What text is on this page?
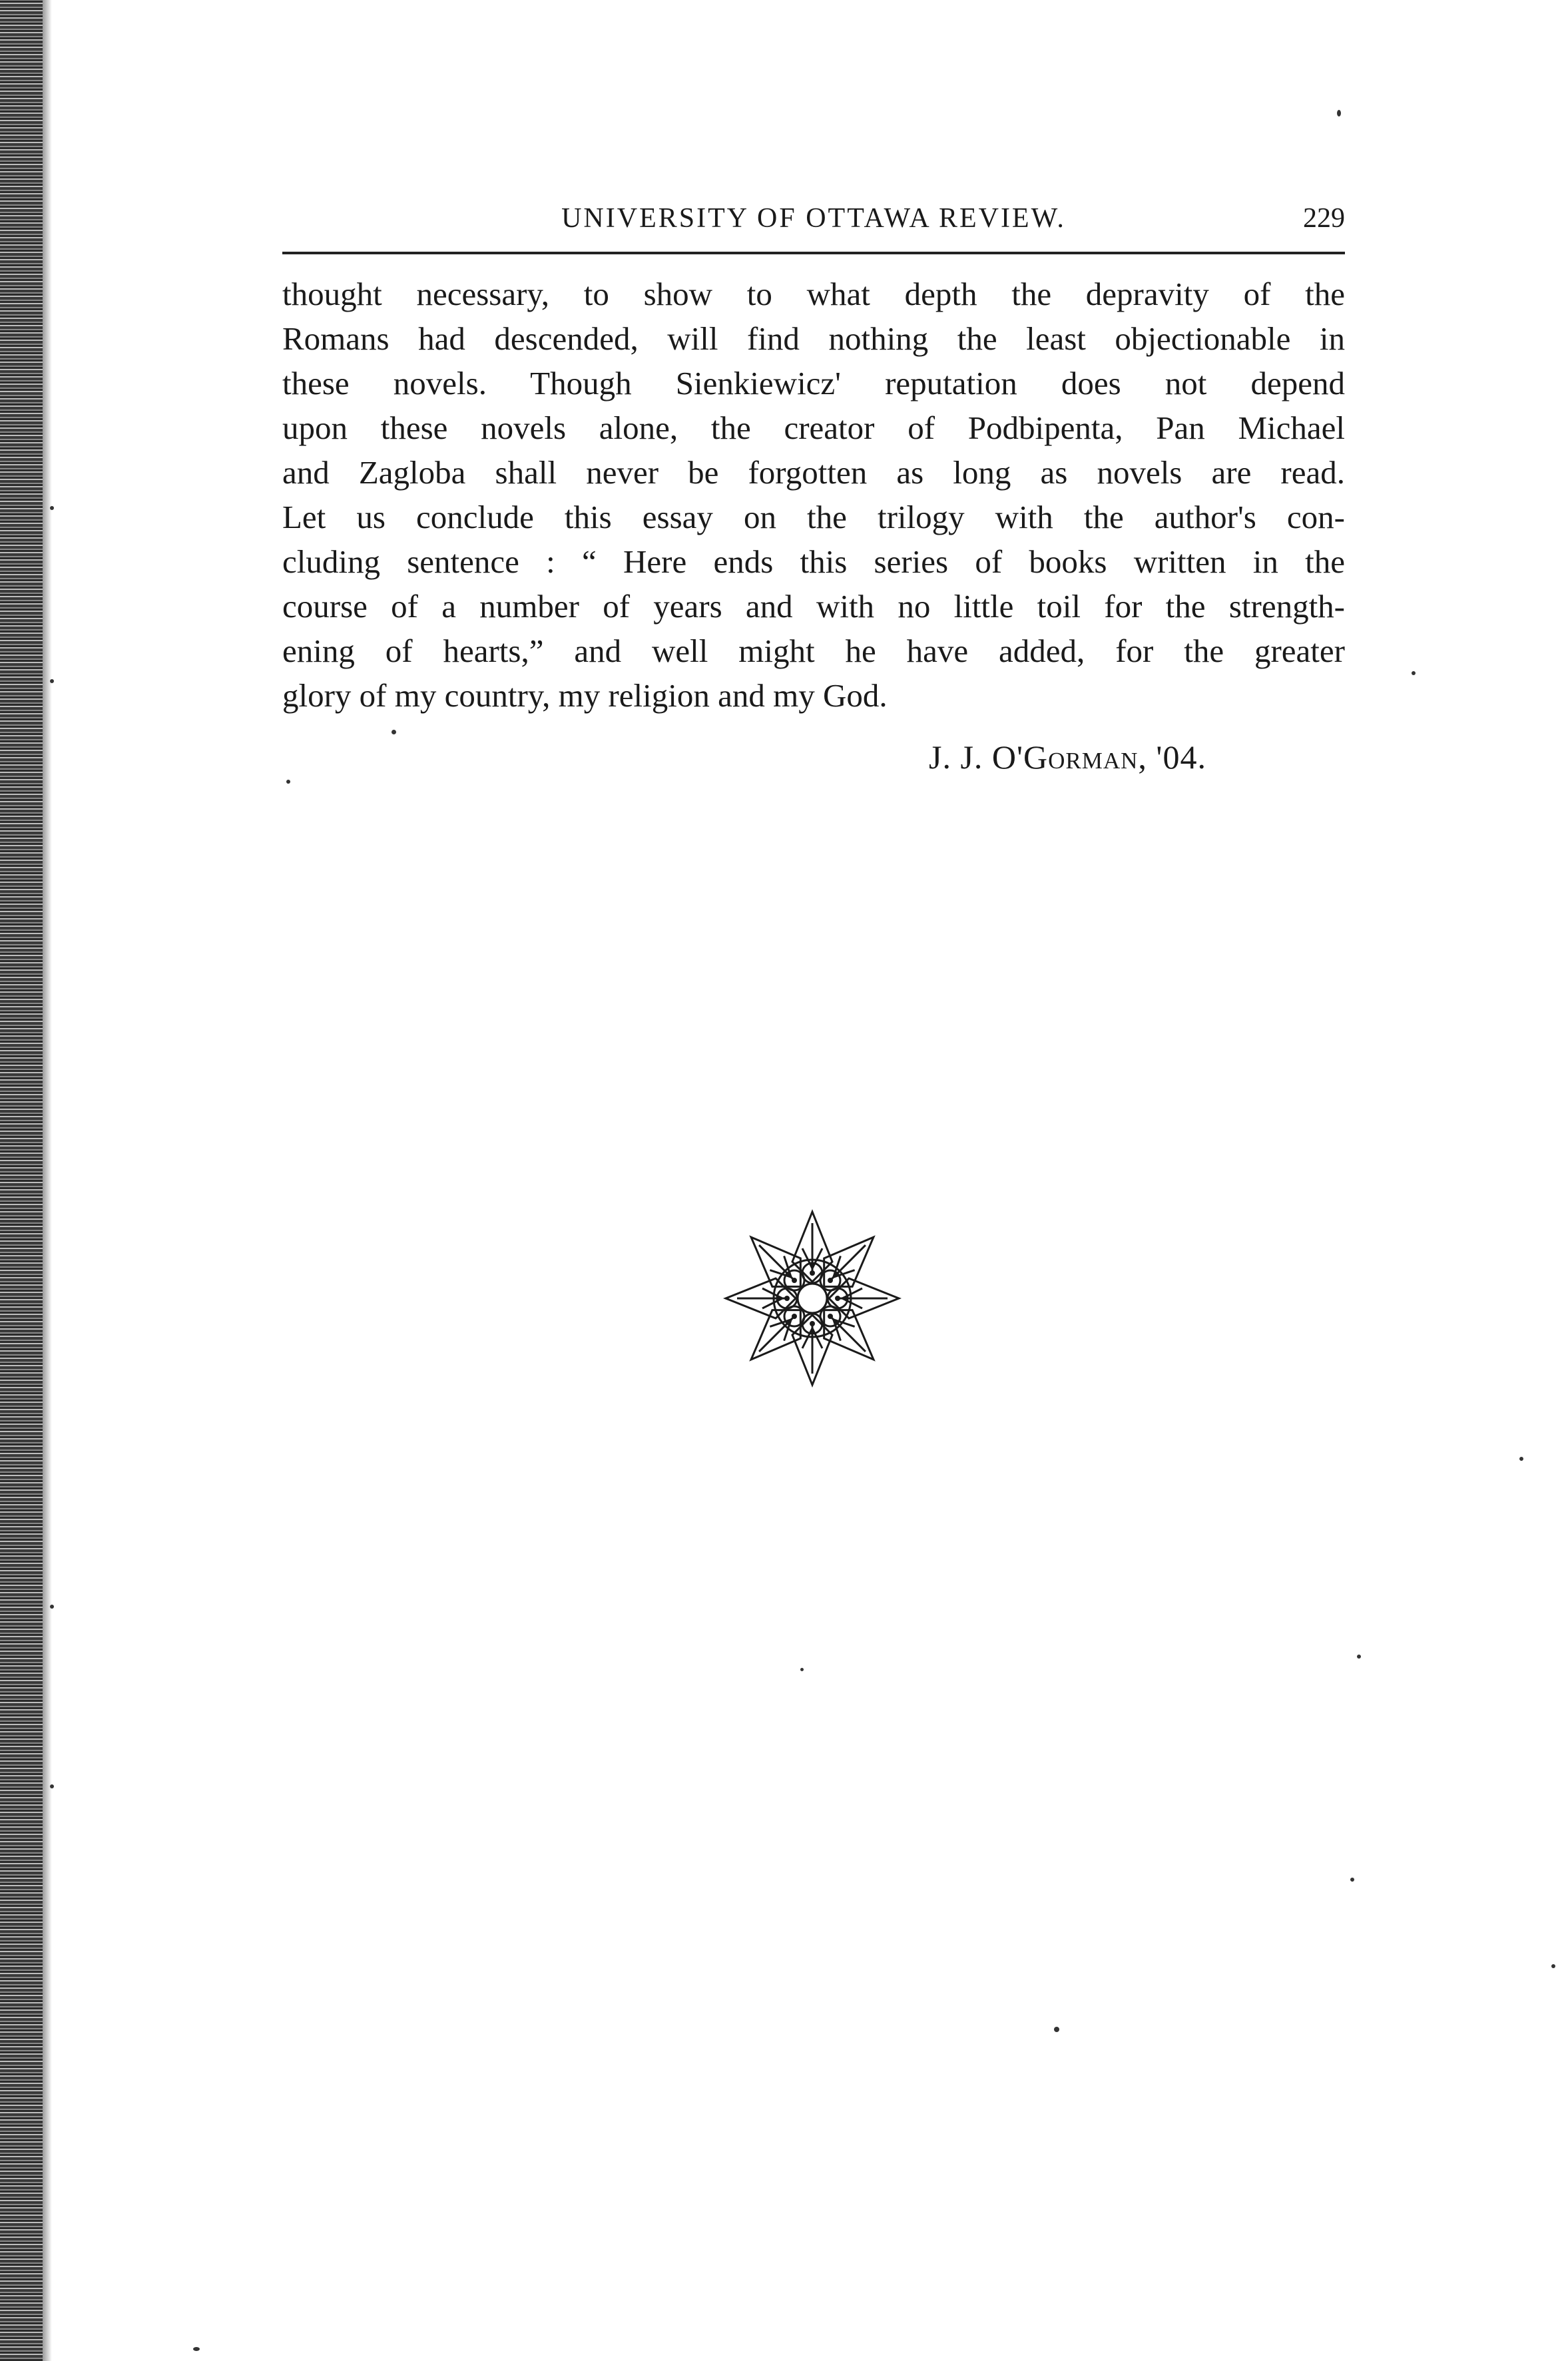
UNIVERSITY OF OTTAWA REVIEW.	229
thought necessary, to show to what depth the depravity of the
Romans had descended, will find nothing the least objectionable in
these novels. Though Sienkiewicz' reputation does not depend
upon these novels alone, the creator of Podbipenta, Pan Michael
and Zagloba shall never be forgotten as long as novels are read.
Let us conclude this essay on the trilogy with the author's con-
cluding sentence : “ Here ends this series of books written in the
course of a number of years and with no little toil for the strength-
ening of hearts,” and well might he have added, for the greater
glory of my country, my religion and my God.
J. J. O'Gorman, '04.
